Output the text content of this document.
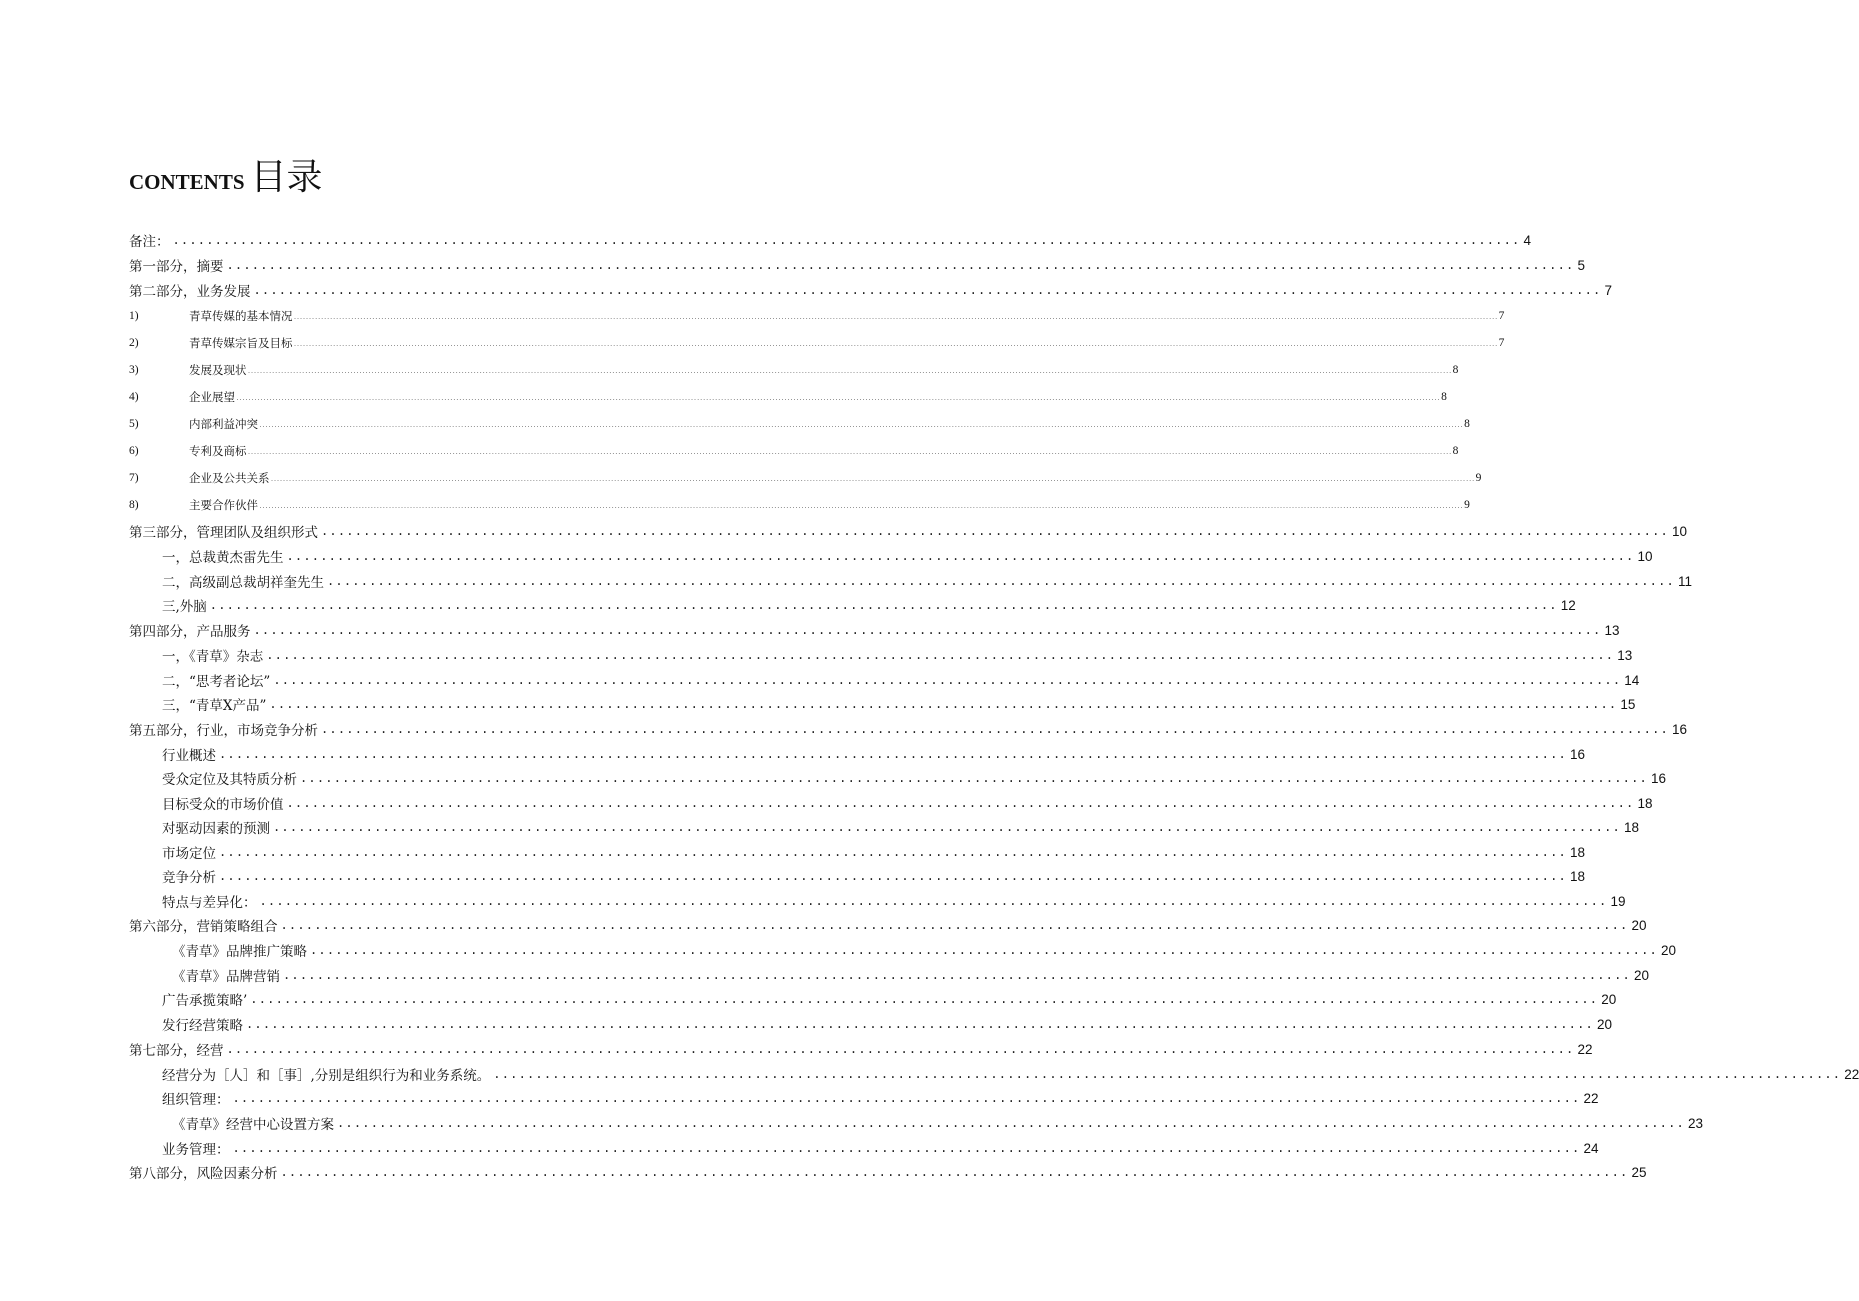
CONTENTS 目录
备注： ................................................................................................................................................................ 4
第一部分，摘要 ................................................................................................................................................................ 5
第二部分，业务发展 ................................................................................................................................................................ 7
1)	青草传媒的基本情况 ................................................................................................................................................................................................................................................................................................................................................................................................................ 7
2)	青草传媒宗旨及目标 ................................................................................................................................................................................................................................................................................................................................................................................................................ 7
3)	发展及现状 ................................................................................................................................................................................................................................................................................................................................................................................................................ 8
4)	企业展望 ................................................................................................................................................................................................................................................................................................................................................................................................................ 8
5)	内部利益冲突 ................................................................................................................................................................................................................................................................................................................................................................................................................ 8
6)	专利及商标 ................................................................................................................................................................................................................................................................................................................................................................................................................ 8
7)	企业及公共关系 ................................................................................................................................................................................................................................................................................................................................................................................................................ 9
8)	主要合作伙伴 ................................................................................................................................................................................................................................................................................................................................................................................................................ 9
第三部分，管理团队及组织形式 ................................................................................................................................................................ 10
一，总裁黄杰雷先生 ................................................................................................................................................................ 10
二，高级副总裁胡祥奎先生 ................................................................................................................................................................ 11
三,外脑 ................................................................................................................................................................ 12
第四部分，产品服务 ................................................................................................................................................................ 13
一，《青草》杂志 ................................................................................................................................................................ 13
二，“思考者论坛” ................................................................................................................................................................ 14
三，“青草X产品” ................................................................................................................................................................ 15
第五部分，行业，市场竞争分析 ................................................................................................................................................................ 16
行业概述 ................................................................................................................................................................ 16
受众定位及其特质分析 ................................................................................................................................................................ 16
目标受众的市场价值 ................................................................................................................................................................ 18
对驱动因素的预测 ................................................................................................................................................................ 18
市场定位 ................................................................................................................................................................ 18
竞争分析 ................................................................................................................................................................ 18
特点与差异化： ................................................................................................................................................................ 19
第六部分，营销策略组合 ................................................................................................................................................................ 20
《青草》品牌推广策略 ................................................................................................................................................................ 20
《青草》品牌营销 ................................................................................................................................................................ 20
广告承揽策略’ ................................................................................................................................................................ 20
发行经营策略 ................................................................................................................................................................ 20
第七部分，经营 ................................................................................................................................................................ 22
经营分为［人］和［事］,分别是组织行为和业务系统。 ................................................................................................................................................................ 22
组织管理： ................................................................................................................................................................ 22
《青草》经营中心设置方案 ................................................................................................................................................................ 23
业务管理： ................................................................................................................................................................ 24
第八部分，风险因素分析 ................................................................................................................................................................ 25
